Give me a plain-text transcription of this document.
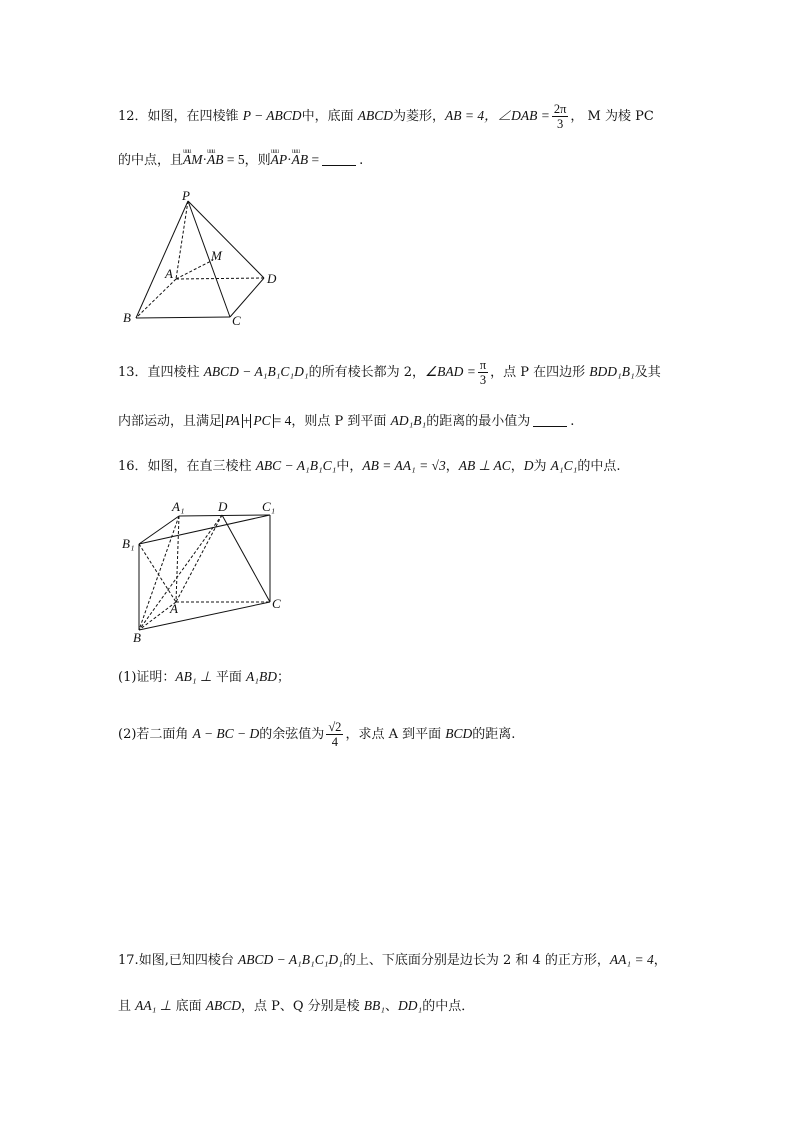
12．如图，在四棱锥 P − ABCD中，底面 ABCD为菱形，AB = 4，∠DAB = $\frac{2\pi}{3}$ ， M 为棱 PC
的中点，且uuu AM·uuu AB = 5，则uuu AP·uuu AB =	.
P
A
M
D
B	C
13．直四棱柱 ABCD − A₁B₁C₁D₁的所有棱长都为 2，∠BAD = $\frac{\pi}{3}$ ，点 P 在四边形 BDD₁B₁及其
内部运动，且满足 PA + PC = 4，则点 P 到平面 AD₁B₁的距离的最小值为	.
16．如图，在直三棱柱 ABC − A₁B₁C₁中，AB = AA₁ = √3，AB ⊥ AC，D为 A₁C₁的中点.
A₁	D	C₁
B₁
A	C
B
(1)证明：AB₁ ⊥ 平面 A₁BD；
(2)若二面角 A − BC − D的余弦值为 $\frac{√2}{4}$ ，求点 A 到平面 BCD的距离.
17.如图,已知四棱台 ABCD − A₁B₁C₁D₁的上、下底面分别是边长为 2 和 4 的正方形，AA₁ = 4，
且 AA₁ ⊥ 底面 ABCD，点 P、Q 分别是棱 BB₁、DD₁的中点．
